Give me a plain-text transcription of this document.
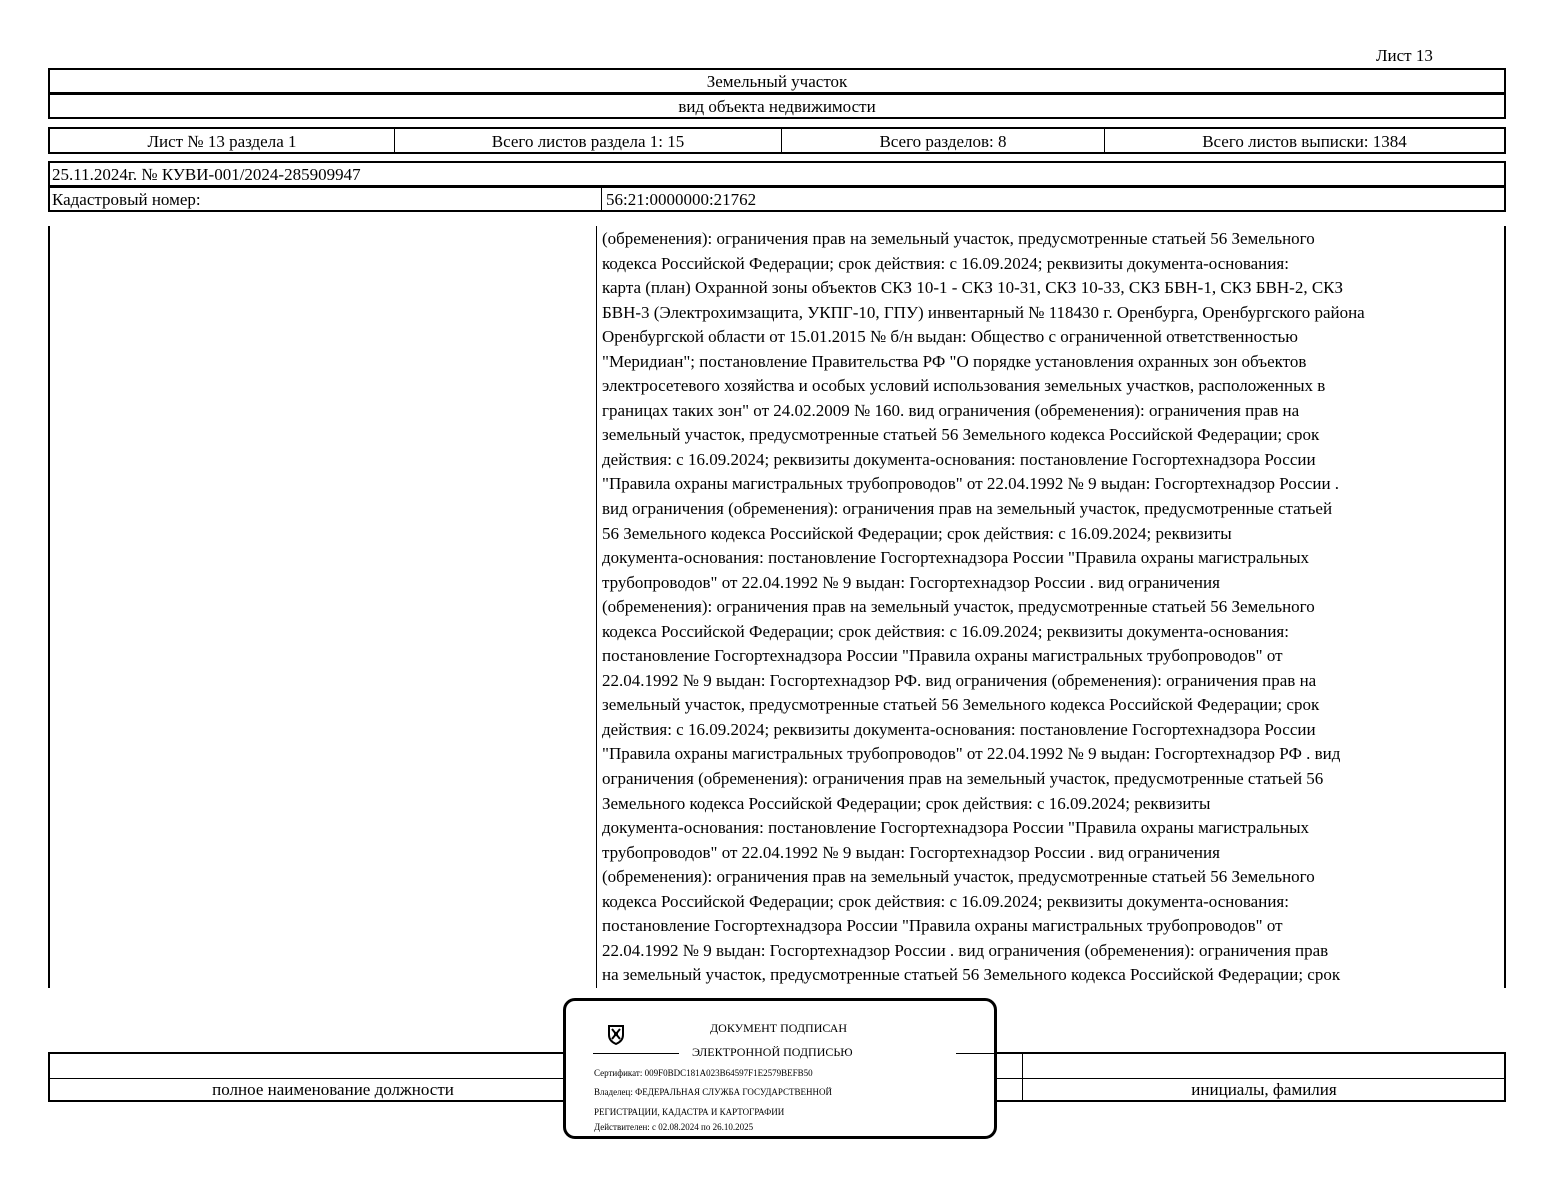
Лист 13
Земельный участок
вид объекта недвижимости
Лист № 13 раздела 1	Всего листов раздела 1: 15	Всего разделов: 8	Всего листов выписки: 1384
25.11.2024г. № КУВИ-001/2024-285909947
Кадастровый номер:	56:21:0000000:21762

(обременения): ограничения прав на земельный участок, предусмотренные статьей 56 Земельного

кодекса Российской Федерации; срок действия: с 16.09.2024; реквизиты документа-основания:

карта (план) Охранной зоны объектов СКЗ 10-1 - СКЗ 10-31, СКЗ 10-33, СКЗ БВН-1, СКЗ БВН-2, СКЗ

БВН-3 (Электрохимзащита, УКПГ-10, ГПУ) инвентарный № 118430 г. Оренбурга, Оренбургского района

Оренбургской области от 15.01.2015 № б/н выдан: Общество с ограниченной ответственностью

"Меридиан"; постановление Правительства РФ "О порядке установления охранных зон объектов

электросетевого хозяйства и особых условий использования земельных участков, расположенных в

границах таких зон" от 24.02.2009 № 160. вид ограничения (обременения): ограничения прав на

земельный участок, предусмотренные статьей 56 Земельного кодекса Российской Федерации; срок

действия: с 16.09.2024; реквизиты документа-основания: постановление Госгортехнадзора России

"Правила охраны магистральных трубопроводов" от 22.04.1992 № 9 выдан: Госгортехнадзор России .

вид ограничения (обременения): ограничения прав на земельный участок, предусмотренные статьей

56 Земельного кодекса Российской Федерации; срок действия: с 16.09.2024; реквизиты

документа-основания: постановление Госгортехнадзора России "Правила охраны магистральных

трубопроводов" от 22.04.1992 № 9 выдан: Госгортехнадзор России . вид ограничения

(обременения): ограничения прав на земельный участок, предусмотренные статьей 56 Земельного

кодекса Российской Федерации; срок действия: с 16.09.2024; реквизиты документа-основания:

постановление Госгортехнадзора России "Правила охраны магистральных трубопроводов" от

22.04.1992 № 9 выдан: Госгортехнадзор РФ. вид ограничения (обременения): ограничения прав на

земельный участок, предусмотренные статьей 56 Земельного кодекса Российской Федерации; срок

действия: с 16.09.2024; реквизиты документа-основания: постановление Госгортехнадзора России

"Правила охраны магистральных трубопроводов" от 22.04.1992 № 9 выдан: Госгортехнадзор РФ . вид

ограничения (обременения): ограничения прав на земельный участок, предусмотренные статьей 56

Земельного кодекса Российской Федерации; срок действия: с 16.09.2024; реквизиты

документа-основания: постановление Госгортехнадзора России "Правила охраны магистральных

трубопроводов" от 22.04.1992 № 9 выдан: Госгортехнадзор России . вид ограничения

(обременения): ограничения прав на земельный участок, предусмотренные статьей 56 Земельного

кодекса Российской Федерации; срок действия: с 16.09.2024; реквизиты документа-основания:

постановление Госгортехнадзора России "Правила охраны магистральных трубопроводов" от

22.04.1992 № 9 выдан: Госгортехнадзор России . вид ограничения (обременения): ограничения прав

на земельный участок, предусмотренные статьей 56 Земельного кодекса Российской Федерации; срок

полное наименование должности	инициалы, фамилия
ДОКУМЕНТ ПОДПИСАН
ЭЛЕКТРОННОЙ ПОДПИСЬЮ
Сертификат: 009F0BDC181A023B64597F1E2579BEFB50
Владелец: ФЕДЕРАЛЬНАЯ СЛУЖБА ГОСУДАРСТВЕННОЙ
РЕГИСТРАЦИИ, КАДАСТРА И КАРТОГРАФИИ
Действителен: с 02.08.2024 по 26.10.2025
